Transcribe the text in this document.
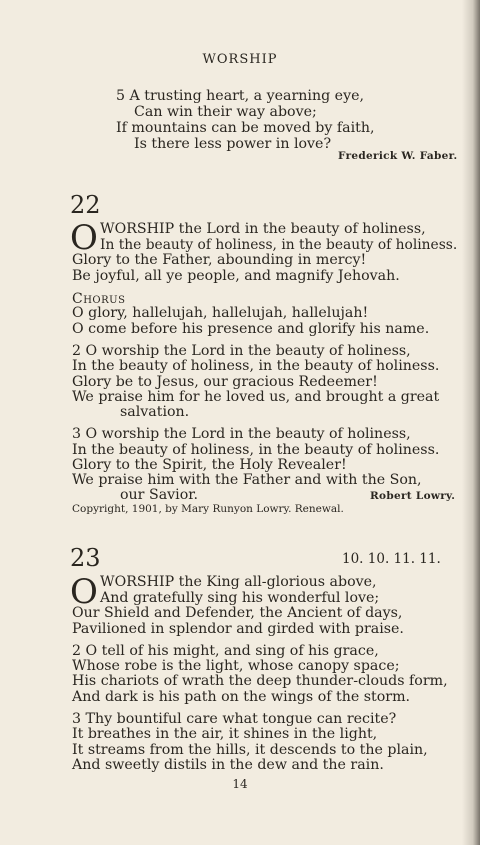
WORSHIP
5 A trusting heart, a yearning eye,
Can win their way above;
If mountains can be moved by faith,
Is there less power in love?
Frederick W. Faber.
22
O WORSHIP the Lord in the beauty of holiness,
In the beauty of holiness, in the beauty of holiness.
Glory to the Father, abounding in mercy!
Be joyful, all ye people, and magnify Jehovah.
Chorus
O glory, hallelujah, hallelujah, hallelujah!
O come before his presence and glorify his name.
2 O worship the Lord in the beauty of holiness,
In the beauty of holiness, in the beauty of holiness.
Glory be to Jesus, our gracious Redeemer!
We praise him for he loved us, and brought a great
salvation.
3 O worship the Lord in the beauty of holiness,
In the beauty of holiness, in the beauty of holiness.
Glory to the Spirit, the Holy Revealer!
We praise him with the Father and with the Son,
our Savior.	Robert Lowry.
Copyright, 1901, by Mary Runyon Lowry. Renewal.
23	10. 10. 11. 11.
O WORSHIP the King all-glorious above,
And gratefully sing his wonderful love;
Our Shield and Defender, the Ancient of days,
Pavilioned in splendor and girded with praise.
2 O tell of his might, and sing of his grace,
Whose robe is the light, whose canopy space;
His chariots of wrath the deep thunder-clouds form,
And dark is his path on the wings of the storm.
3 Thy bountiful care what tongue can recite?
It breathes in the air, it shines in the light,
It streams from the hills, it descends to the plain,
And sweetly distils in the dew and the rain.
14
